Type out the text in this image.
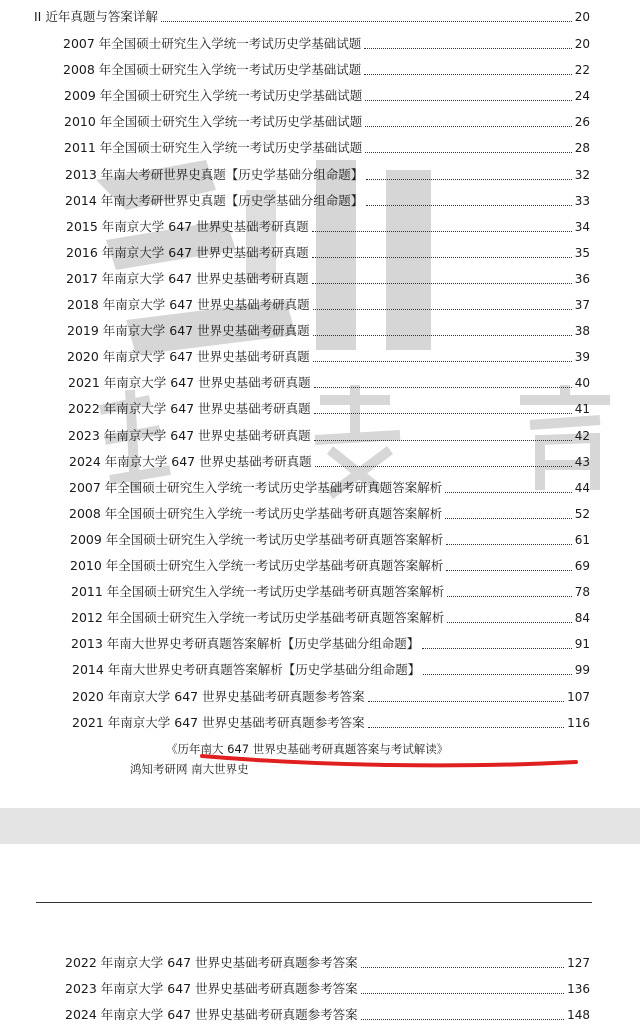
II 近年真题与答案详解	20
2007 年全国硕士研究生入学统一考试历史学基础试题	20
2008 年全国硕士研究生入学统一考试历史学基础试题	22
2009 年全国硕士研究生入学统一考试历史学基础试题	24
2010 年全国硕士研究生入学统一考试历史学基础试题	26
2011 年全国硕士研究生入学统一考试历史学基础试题	28
2013 年南大考研世界史真题【历史学基础分组命题】	32
2014 年南大考研世界史真题【历史学基础分组命题】	33
2015 年南京大学 647 世界史基础考研真题	34
2016 年南京大学 647 世界史基础考研真题	35
2017 年南京大学 647 世界史基础考研真题	36
2018 年南京大学 647 世界史基础考研真题	37
2019 年南京大学 647 世界史基础考研真题	38
2020 年南京大学 647 世界史基础考研真题	39
2021 年南京大学 647 世界史基础考研真题	40
2022 年南京大学 647 世界史基础考研真题	41
2023 年南京大学 647 世界史基础考研真题	42
2024 年南京大学 647 世界史基础考研真题	43
2007 年全国硕士研究生入学统一考试历史学基础考研真题答案解析	44
2008 年全国硕士研究生入学统一考试历史学基础考研真题答案解析	52
2009 年全国硕士研究生入学统一考试历史学基础考研真题答案解析	61
2010 年全国硕士研究生入学统一考试历史学基础考研真题答案解析	69
2011 年全国硕士研究生入学统一考试历史学基础考研真题答案解析	78
2012 年全国硕士研究生入学统一考试历史学基础考研真题答案解析	84
2013 年南大世界史考研真题答案解析【历史学基础分组命题】	91
2014 年南大世界史考研真题答案解析【历史学基础分组命题】	99
2020 年南京大学 647 世界史基础考研真题参考答案	107
2021 年南京大学 647 世界史基础考研真题参考答案	116
《历年南大 647 世界史基础考研真题答案与考试解读》
鸿知考研网 南大世界史
2022 年南京大学 647 世界史基础考研真题参考答案	127
2023 年南京大学 647 世界史基础考研真题参考答案	136
2024 年南京大学 647 世界史基础考研真题参考答案	148
